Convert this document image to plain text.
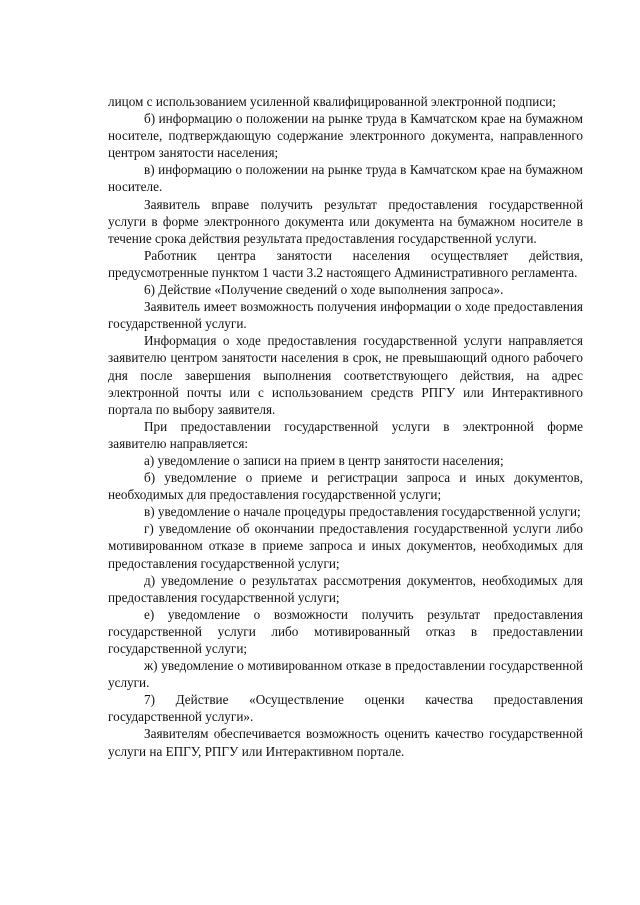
лицом с использованием усиленной квалифицированной электронной подписи;

б) информацию о положении на рынке труда в Камчатском крае на бумажном носителе, подтверждающую содержание электронного документа, направленного центром занятости населения;

в) информацию о положении на рынке труда в Камчатском крае на бумажном носителе.

Заявитель вправе получить результат предоставления государственной услуги в форме электронного документа или документа на бумажном носителе в течение срока действия результата предоставления государственной услуги.

Работник центра занятости населения осуществляет действия, предусмотренные пунктом 1 части 3.2 настоящего Административного регламента.

6) Действие «Получение сведений о ходе выполнения запроса».

Заявитель имеет возможность получения информации о ходе предоставления государственной услуги.

Информация о ходе предоставления государственной услуги направляется заявителю центром занятости населения в срок, не превышающий одного рабочего дня после завершения выполнения соответствующего действия, на адрес электронной почты или с использованием средств РПГУ или Интерактивного портала по выбору заявителя.

При предоставлении государственной услуги в электронной форме заявителю направляется:

а) уведомление о записи на прием в центр занятости населения;

б) уведомление о приеме и регистрации запроса и иных документов, необходимых для предоставления государственной услуги;

в) уведомление о начале процедуры предоставления государственной услуги;

г) уведомление об окончании предоставления государственной услуги либо мотивированном отказе в приеме запроса и иных документов, необходимых для предоставления государственной услуги;

д) уведомление о результатах рассмотрения документов, необходимых для предоставления государственной услуги;

е) уведомление о возможности получить результат предоставления государственной услуги либо мотивированный отказ в предоставлении государственной услуги;

ж) уведомление о мотивированном отказе в предоставлении государственной услуги.

7) Действие «Осуществление оценки качества предоставления государственной услуги».

Заявителям обеспечивается возможность оценить качество государственной услуги на ЕПГУ, РПГУ или Интерактивном портале.
